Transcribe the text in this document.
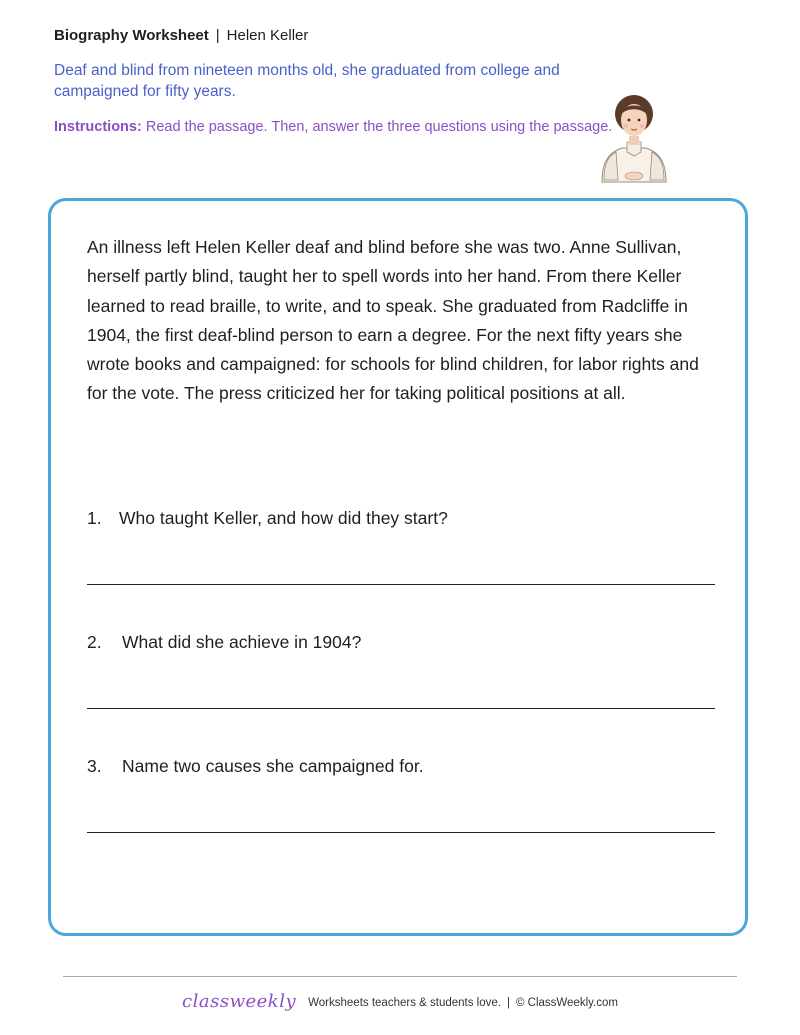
Biography Worksheet | Helen Keller
Deaf and blind from nineteen months old, she graduated from college and campaigned for fifty years.
Instructions: Read the passage. Then, answer the three questions using the passage.

An illness left Helen Keller deaf and blind before she was two. Anne Sullivan, herself partly blind, taught her to spell words into her hand. From there Keller learned to read braille, to write, and to speak. She graduated from Radcliffe in 1904, the first deaf-blind person to earn a degree. For the next fifty years she wrote books and campaigned: for schools for blind children, for labor rights and for the vote. The press criticized her for taking political positions at all.

1. Who taught Keller, and how did they start?
2. What did she achieve in 1904?
3. Name two causes she campaigned for.
classweekly Worksheets teachers & students love. | © ClassWeekly.com
